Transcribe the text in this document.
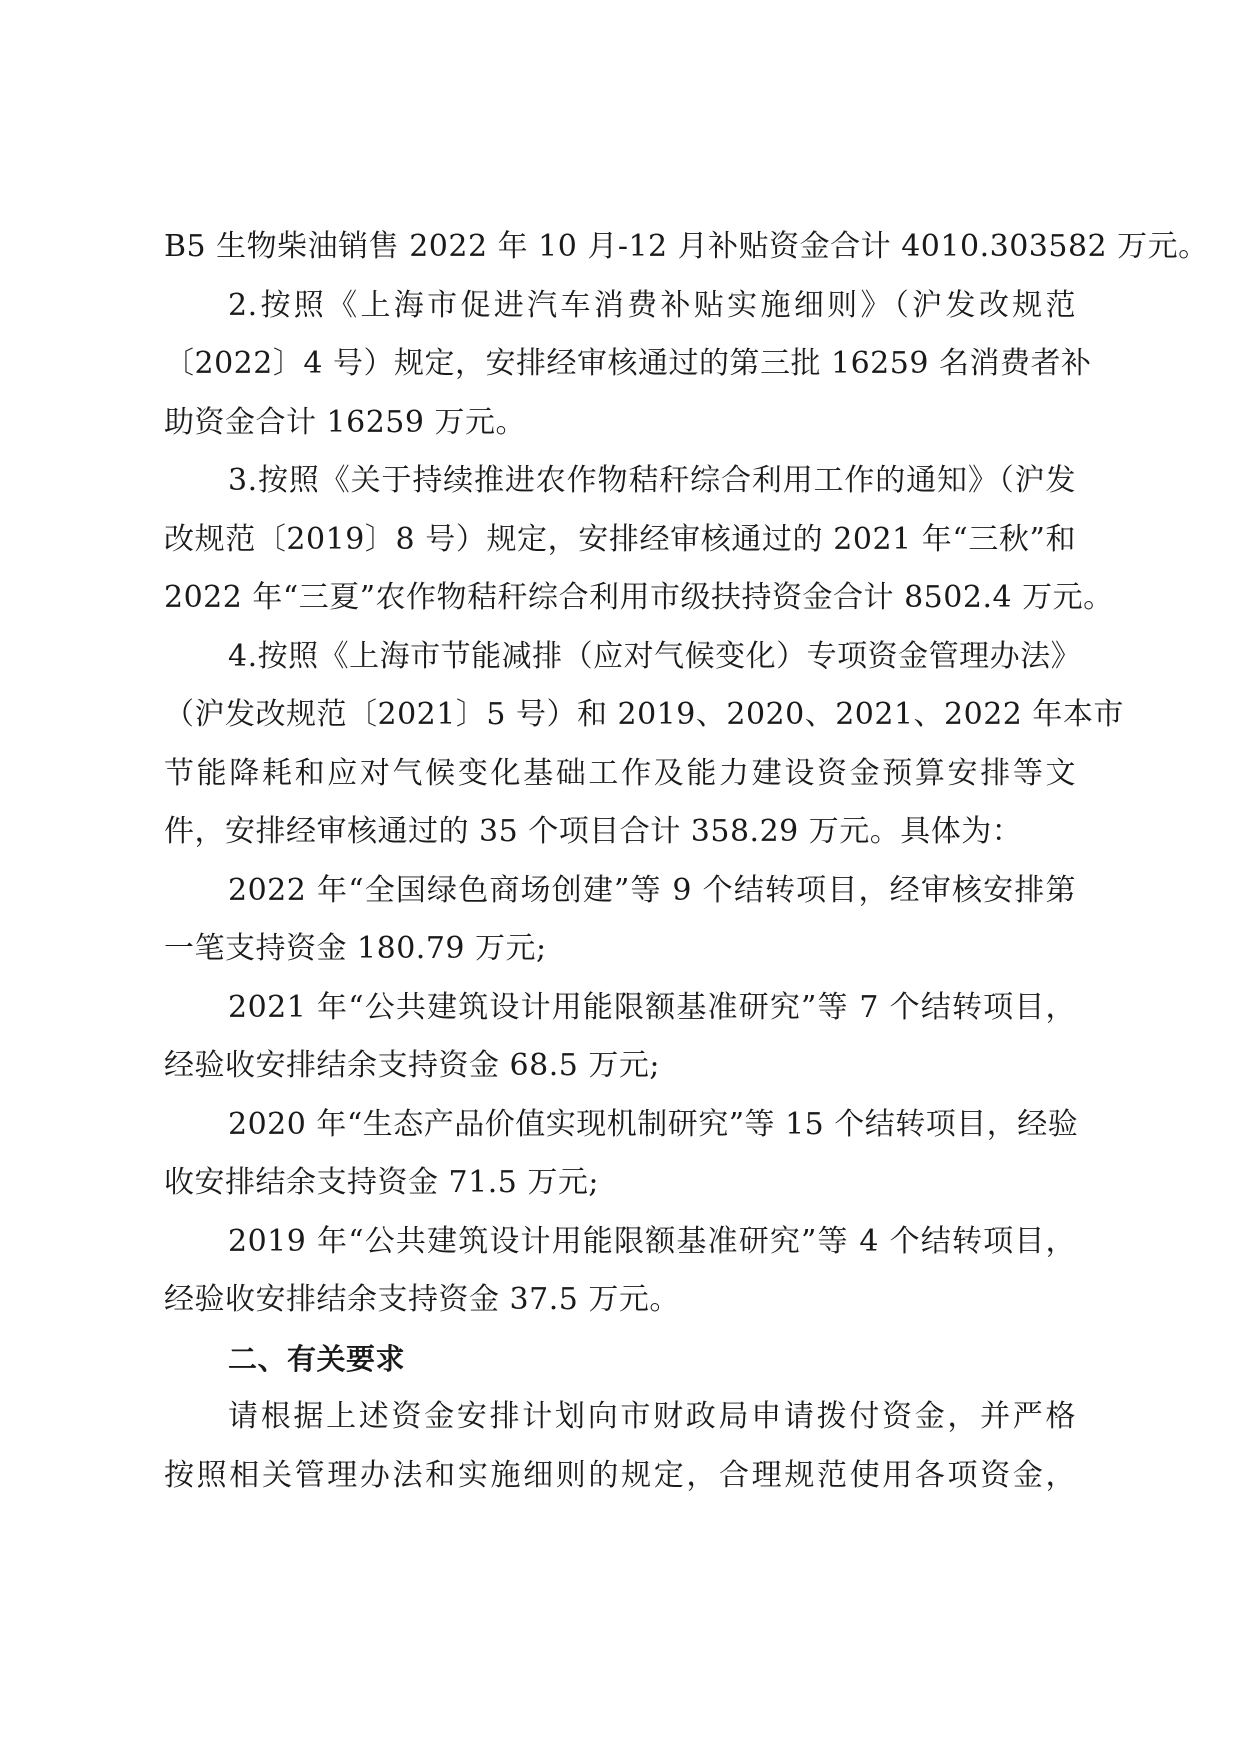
B5 生物柴油销售 2022 年 10 月-12 月补贴资金合计 4010.303582 万元。
2.按照《上海市促进汽车消费补贴实施细则》（沪发改规范
〔2022〕4 号）规定，安排经审核通过的第三批 16259 名消费者补
助资金合计 16259 万元。
3.按照《关于持续推进农作物秸秆综合利用工作的通知》（沪发
改规范〔2019〕8 号）规定，安排经审核通过的 2021 年“三秋”和
2022 年“三夏”农作物秸秆综合利用市级扶持资金合计 8502.4 万元。
4.按照《上海市节能减排（应对气候变化）专项资金管理办法》
（沪发改规范〔2021〕5 号）和 2019、2020、2021、2022 年本市
节能降耗和应对气候变化基础工作及能力建设资金预算安排等文
件，安排经审核通过的 35 个项目合计 358.29 万元。具体为：
2022 年“全国绿色商场创建”等 9 个结转项目，经审核安排第
一笔支持资金 180.79 万元;
2021 年“公共建筑设计用能限额基准研究”等 7 个结转项目，
经验收安排结余支持资金 68.5 万元;
2020 年“生态产品价值实现机制研究”等 15 个结转项目，经验
收安排结余支持资金 71.5 万元;
2019 年“公共建筑设计用能限额基准研究”等 4 个结转项目，
经验收安排结余支持资金 37.5 万元。
二、有关要求
请根据上述资金安排计划向市财政局申请拨付资金，并严格
按照相关管理办法和实施细则的规定，合理规范使用各项资金，
